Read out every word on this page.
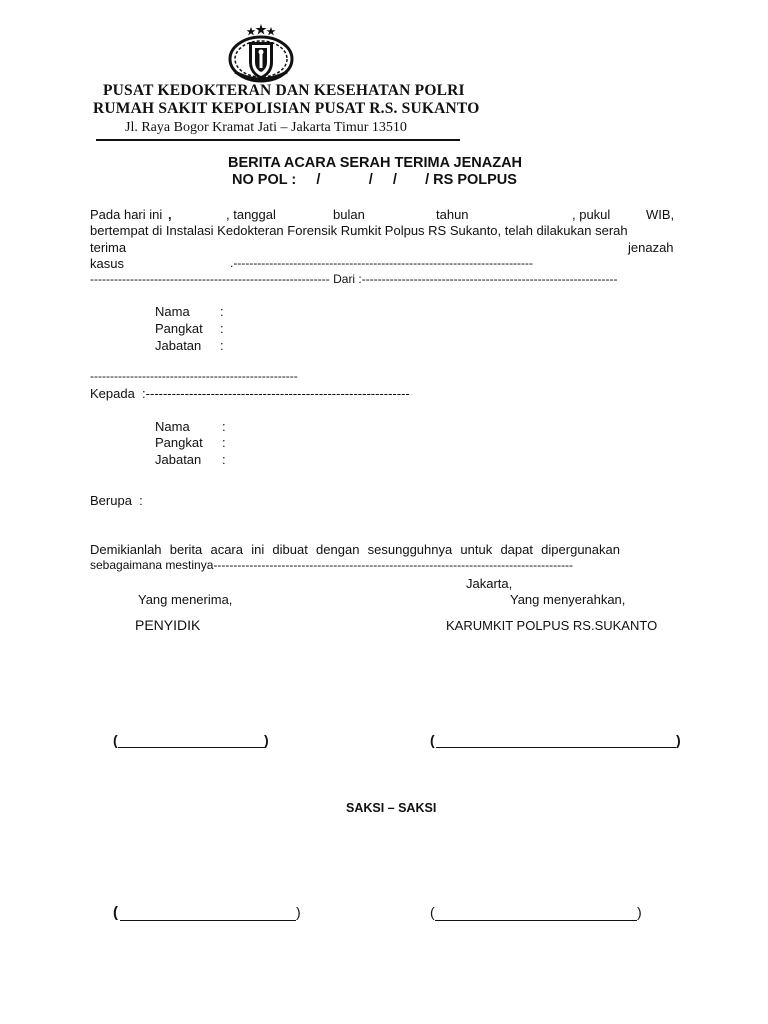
PUSAT KEDOKTERAN DAN KESEHATAN POLRI
RUMAH SAKIT KEPOLISIAN PUSAT R.S. SUKANTO
Jl. Raya Bogor Kramat Jati – Jakarta Timur 13510
BERITA ACARA SERAH TERIMA JENAZAH
NO POL :     /            /     /       / RS POLPUS
Pada hari ini ,	, tanggal	bulan	tahun	, pukul	WIB,
bertempat di Instalasi Kedokteran Forensik Rumkit Polpus RS Sukanto, telah dilakukan serah
terima	jenazah
kasus	.---------------------------------------------------------------------------
------------------------------------------------------------ Dari :----------------------------------------------------------------
Nama :
Pangkat :
Jabatan :
----------------------------------------------------
Kepada  :-------------------------------------------------------------
Nama :
Pangkat :
Jabatan :
Berupa  :
Demikianlah berita acara ini dibuat dengan sesungguhnya untuk dapat dipergunakan
sebagaimana mestinya------------------------------------------------------------------------------------------
Jakarta,
Yang menerima,	Yang menyerahkan,
PENYIDIK	KARUMKIT POLPUS RS.SUKANTO
(	)	(	)
SAKSI – SAKSI
(	)	(	)
